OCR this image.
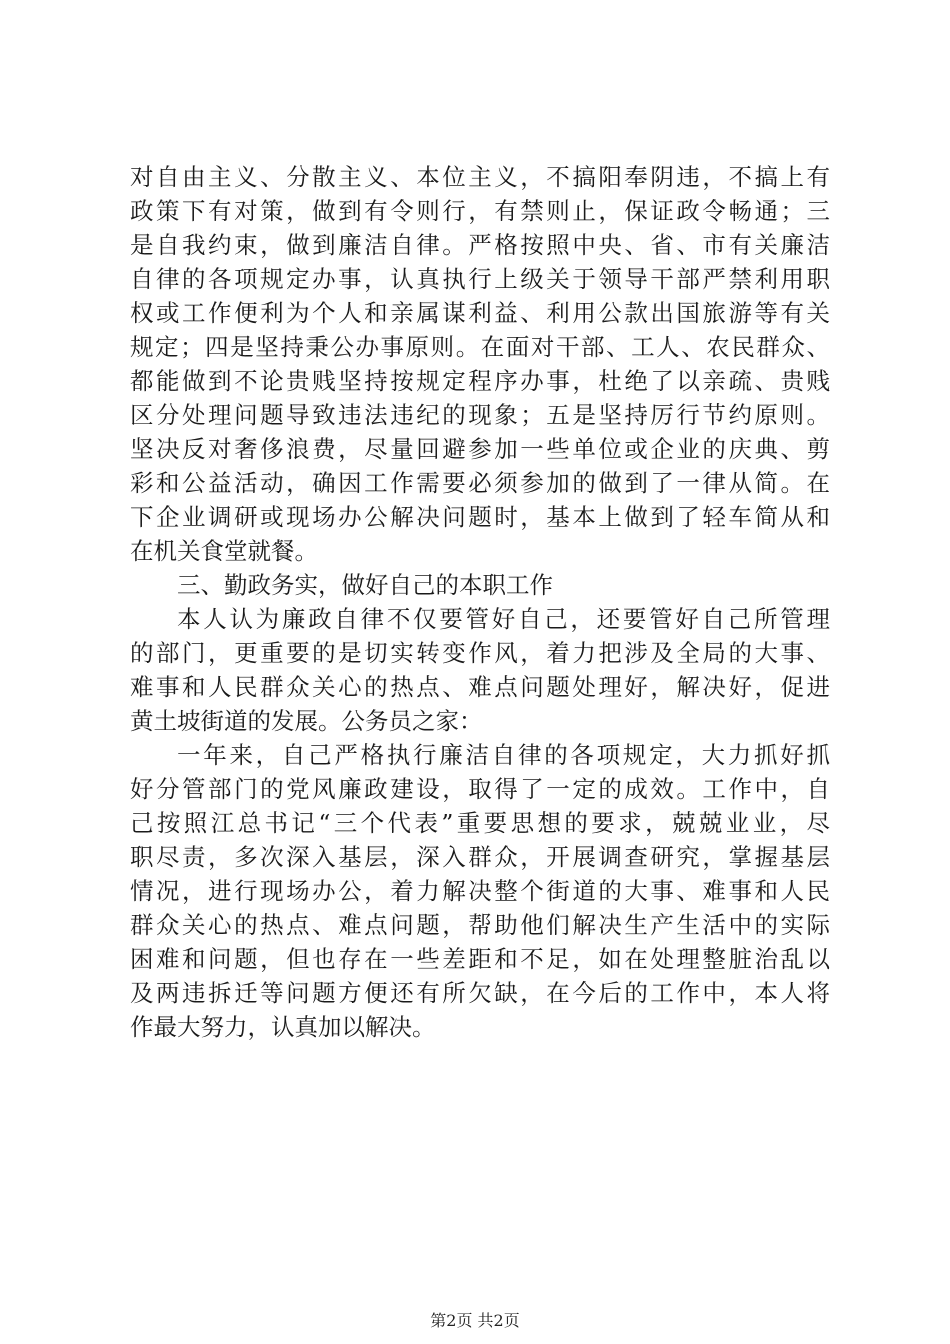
对自由主义、分散主义、本位主义，不搞阳奉阴违，不搞上有
政策下有对策，做到有令则行，有禁则止，保证政令畅通；三
是自我约束，做到廉洁自律。严格按照中央、省、市有关廉洁
自律的各项规定办事，认真执行上级关于领导干部严禁利用职
权或工作便利为个人和亲属谋利益、利用公款出国旅游等有关
规定；四是坚持秉公办事原则。在面对干部、工人、农民群众、
都能做到不论贵贱坚持按规定程序办事，杜绝了以亲疏、贵贱
区分处理问题导致违法违纪的现象；五是坚持厉行节约原则。
坚决反对奢侈浪费，尽量回避参加一些单位或企业的庆典、剪
彩和公益活动，确因工作需要必须参加的做到了一律从简。在
下企业调研或现场办公解决问题时，基本上做到了轻车简从和
在机关食堂就餐。
三、勤政务实，做好自己的本职工作
本人认为廉政自律不仅要管好自己，还要管好自己所管理
的部门，更重要的是切实转变作风，着力把涉及全局的大事、
难事和人民群众关心的热点、难点问题处理好，解决好，促进
黄土坡街道的发展。公务员之家：
一年来，自己严格执行廉洁自律的各项规定，大力抓好抓
好分管部门的党风廉政建设，取得了一定的成效。工作中，自
己按照江总书记“三个代表”重要思想的要求，兢兢业业，尽
职尽责，多次深入基层，深入群众，开展调查研究，掌握基层
情况，进行现场办公，着力解决整个街道的大事、难事和人民
群众关心的热点、难点问题，帮助他们解决生产生活中的实际
困难和问题，但也存在一些差距和不足，如在处理整脏治乱以
及两违拆迁等问题方便还有所欠缺，在今后的工作中，本人将
作最大努力，认真加以解决。
第2页 共2页
